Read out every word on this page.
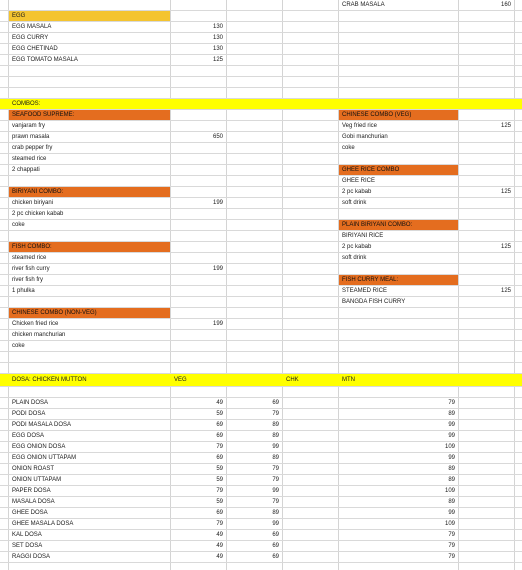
CRAB MASALA	160
EGG
EGG MASALA	130
EGG CURRY	130
EGG CHETINAD	130
EGG TOMATO MASALA	125
COMBOS:
SEAFOOD SUPREME:	CHINESE COMBO (VEG)
vanjaram fry	Veg fried rice	125
prawn masala	650	Gobi manchurian
crab pepper fry	coke
steamed rice
2 chappati	GHEE RICE COMBO
GHEE RICE
BIRIYANI COMBO:	2 pc kabab	125
chicken biriyani	199	soft drink
2 pc chicken kabab
coke	PLAIN BIRIYANI COMBO:
BIRIYANI RICE
FISH COMBO:	2 pc kabab	125
steamed rice	soft drink
river fish curry	199
river fish fry	FISH CURRY MEAL:
1 phulka	STEAMED RICE	125
BANGDA FISH CURRY
CHINESE COMBO (NON-VEG)
Chicken fried rice	199
chicken manchurian
coke
DOSA: CHICKEN MUTTON	VEG	CHK	MTN
PLAIN DOSA	49	69	79
PODI DOSA	59	79	89
PODI MASALA DOSA	69	89	99
EGG DOSA	69	89	99
EGG ONION DOSA	79	99	109
EGG ONION UTTAPAM	69	89	99
ONION ROAST	59	79	89
ONION UTTAPAM	59	79	89
PAPER DOSA	79	99	109
MASALA DOSA	59	79	89
GHEE DOSA	69	89	99
GHEE MASALA DOSA	79	99	109
KAL DOSA	49	69	79
SET DOSA	49	69	79
RAGGI DOSA	49	69	79
